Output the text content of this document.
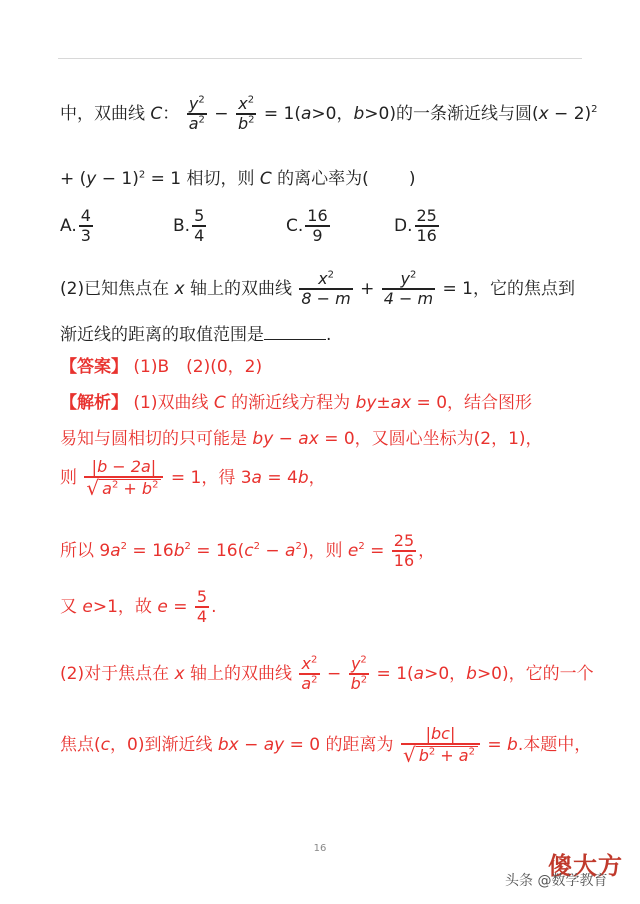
中，双曲线 C： $\frac{y^2}{a^2} - \frac{x^2}{b^2} = 1(a>0$，b>0)的一条渐近线与圆$(x - 2)^2$
+ $(y - 1)^2 = 1$ 相切，则 C 的离心率为( )
A. $\frac{4}{3}$	B. $\frac{5}{4}$	C. $\frac{16}{9}$	D. $\frac{25}{16}$
(2)已知焦点在 x 轴上的双曲线 $\frac{x^2}{8 - m} + \frac{y^2}{4 - m} = 1$，它的焦点到
渐近线的距离的取值范围是	.
【答案】 (1)B　(2)(0，2)
【解析】 (1)双曲线 C 的渐近线方程为 by±ax = 0，结合图形
易知与圆相切的只可能是 by − ax = 0，又圆心坐标为(2，1)，
则 $\frac{|b - 2a|}{√ a^2 + b^2} = 1$，得 3a = 4b，
所以 $9a^2 = 16b^2 = 16(c^2 - a^2)$，则 $e^2 = \frac{25}{16}$ ，
又 e>1，故 $e = \frac{5}{4}$ .
(2)对于焦点在 x 轴上的双曲线 $\frac{x^2}{a^2} - \frac{y^2}{b^2} = 1(a>0$，b>0)，它的一个
焦点(c，0)到渐近线 bx − ay = 0 的距离为 $\frac{|bc|}{√ b^2 + a^2} = b$.本题中，
16
傻大方
头条 @数学教育
